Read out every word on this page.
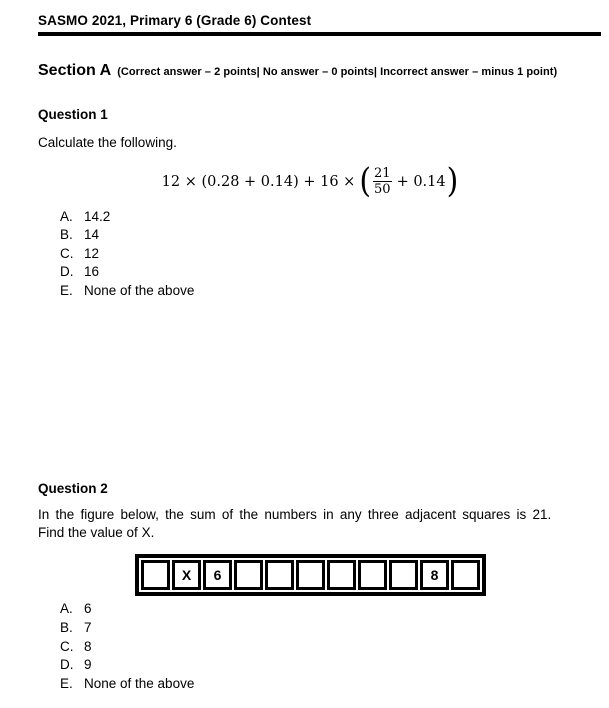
SASMO 2021, Primary 6 (Grade 6) Contest
Section A (Correct answer – 2 points| No answer – 0 points| Incorrect answer – minus 1 point)
Question 1
Calculate the following.
12 × (0.28 + 0.14) + 16 × ( $\frac{21}{50} + 0.14$ )
A. 14.2
B. 14
C. 12
D. 16
E. None of the above
Question 2
In the figure below, the sum of the numbers in any three adjacent squares is 21.
Find the value of X.
X 6	8
A. 6
B. 7
C. 8
D. 9
E. None of the above
